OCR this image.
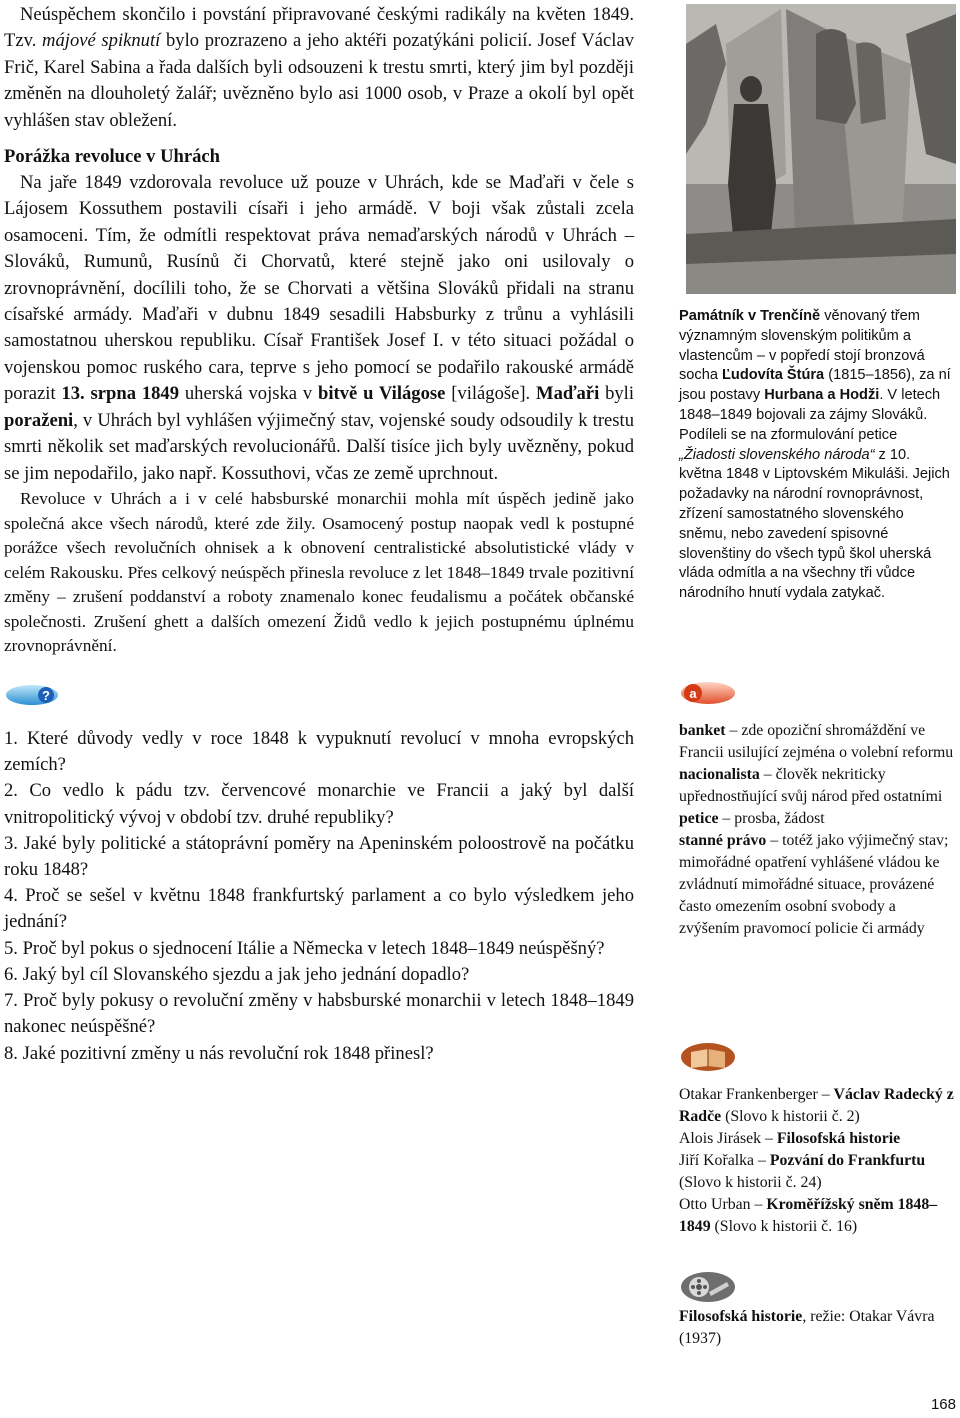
Neúspěchem skončilo i povstání připravované českými radikály na květen 1849. Tzv. májové spiknutí bylo prozrazeno a jeho aktéři pozatýkáni policií. Josef Václav Frič, Karel Sabina a řada dalších byli odsouzeni k trestu smrti, který jim byl později změněn na dlouholetý žalář; uvězněno bylo asi 1000 osob, v Praze a okolí byl opět vyhlášen stav obležení.

Porážka revoluce v Uhrách

Na jaře 1849 vzdorovala revoluce už pouze v Uhrách, kde se Maďaři v čele s Lájosem Kossuthem postavili císaři i jeho armádě. V boji však zůstali zcela osamoceni. Tím, že odmítli respektovat práva nemaďarských národů v Uhrách – Slováků, Rumunů, Rusínů či Chorvatů, které stejně jako oni usilovaly o zrovnoprávnění, docílili toho, že se Chorvati a většina Slováků přidali na stranu císařské armády. Maďaři v dubnu 1849 sesadili Habsburky z trůnu a vyhlásili samostatnou uherskou republiku. Císař František Josef I. v této situaci požádal o vojenskou pomoc ruského cara, teprve s jeho pomocí se podařilo rakouské armádě porazit 13. srpna 1849 uherská vojska v bitvě u Világose [világoše]. Maďaři byli poraženi, v Uhrách byl vyhlášen výjimečný stav, vojenské soudy odsoudily k trestu smrti několik set maďarských revolucionářů. Další tisíce jich byly uvězněny, pokud se jim nepodařilo, jako např. Kossuthovi, včas ze země uprchnout.

Revoluce v Uhrách a i v celé habsburské monarchii mohla mít úspěch jedině jako společná akce všech národů, které zde žily. Osamocený postup naopak vedl k postupné porážce všech revolučních ohnisek a k obnovení centralistické absolutistické vlády v celém Rakousku. Přes celkový neúspěch přinesla revoluce z let 1848–1849 trvale pozitivní změny – zrušení poddanství a roboty znamenalo konec feudalismu a počátek občanské společnosti. Zrušení ghett a dalších omezení Židů vedlo k jejich postupnému úplnému zrovnoprávnění.

?

1. Které důvody vedly v roce 1848 k vypuknutí revolucí v mnoha evropských zemích?

2. Co vedlo k pádu tzv. červencové monarchie ve Francii a jaký byl další vnitropolitický vývoj v období tzv. druhé republiky?

3. Jaké byly politické a státoprávní poměry na Apeninském poloostrově na počátku roku 1848?

4. Proč se sešel v květnu 1848 frankfurtský parlament a co bylo výsledkem jeho jednání?

5. Proč byl pokus o sjednocení Itálie a Německa v letech 1848–1849 neúspěšný?

6. Jaký byl cíl Slovanského sjezdu a jak jeho jednání dopadlo?

7. Proč byly pokusy o revoluční změny v habsburské monarchii v letech 1848–1849 nakonec neúspěšné?

8. Jaké pozitivní změny u nás revoluční rok 1848 přinesl?

Památník v Trenčíně věnovaný třem významným slovenským politikům a vlastencům – v popředí stojí bronzová socha Ľudovíta Štúra (1815–1856), za ní jsou postavy Hurbana a Hodži. V letech 1848–1849 bojovali za zájmy Slováků. Podíleli se na zformulování petice „Žiadosti slovenského národa“ z 10. května 1848 v Liptovském Mikuláši. Jejich požadavky na národní rovnoprávnost, zřízení samostatného slovenského sněmu, nebo zavedení spisovné slovenštiny do všech typů škol uherská vláda odmítla a na všechny tři vůdce národního hnutí vydala zatykač.

a

banket – zde opoziční shromáždění ve Francii usilující zejména o volební reformu

nacionalista – člověk nekriticky upřednostňující svůj národ před ostatními

petice – prosba, žádost

stanné právo – totéž jako výjimečný stav; mimořádné opatření vyhlášené vládou ke zvládnutí mimořádné situace, provázené často omezením osobní svobody a zvýšením pravomocí policie či armády

Otakar Frankenberger – Václav Radecký z Radče (Slovo k historii č. 2)

Alois Jirásek – Filosofská historie

Jiří Kořalka – Pozvání do Frankfurtu (Slovo k historii č. 24)

Otto Urban – Kroměřížský sněm 1848–1849 (Slovo k historii č. 16)

Filosofská historie, režie: Otakar Vávra (1937)

168
